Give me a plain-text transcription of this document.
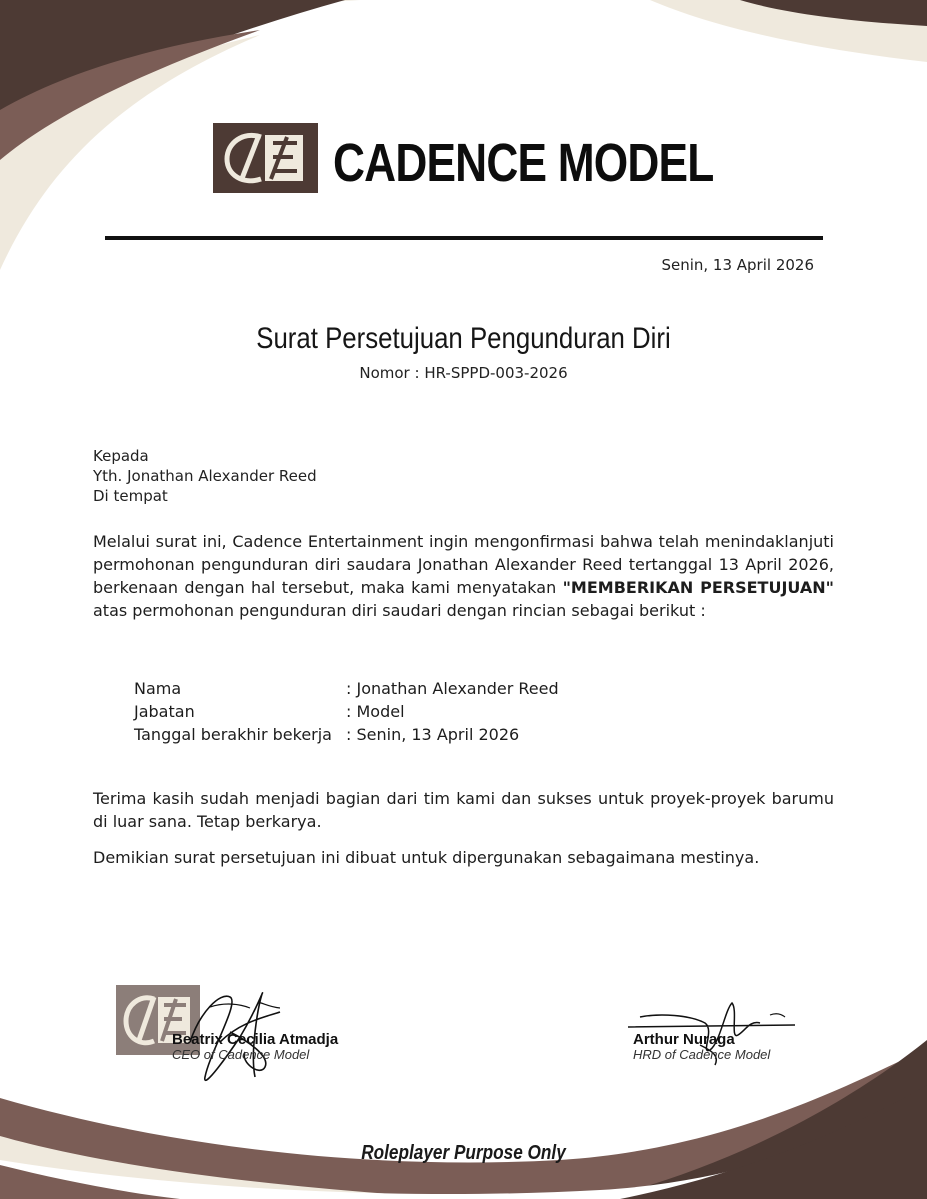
CADENCE MODEL
Senin, 13 April 2026
Surat Persetujuan Pengunduran Diri
Nomor : HR-SPPD-003-2026
Kepada
Yth. Jonathan Alexander Reed
Di tempat
Melalui surat ini, Cadence Entertainment ingin mengonfirmasi bahwa telah menindaklanjuti permohonan pengunduran diri saudara Jonathan Alexander Reed tertanggal 13 April 2026, berkenaan dengan hal tersebut, maka kami menyatakan "MEMBERIKAN PERSETUJUAN" atas permohonan pengunduran diri saudari dengan rincian sebagai berikut :
Nama	: Jonathan Alexander Reed
Jabatan	: Model
Tanggal berakhir bekerja : Senin, 13 April 2026
Terima kasih sudah menjadi bagian dari tim kami dan sukses untuk proyek-proyek barumu di luar sana. Tetap berkarya.
Demikian surat persetujuan ini dibuat untuk dipergunakan sebagaimana mestinya.
Beatrix Cecilia Atmadja
CEO of Cadence Model
Arthur Nuraga
HRD of Cadence Model
Roleplayer Purpose Only
